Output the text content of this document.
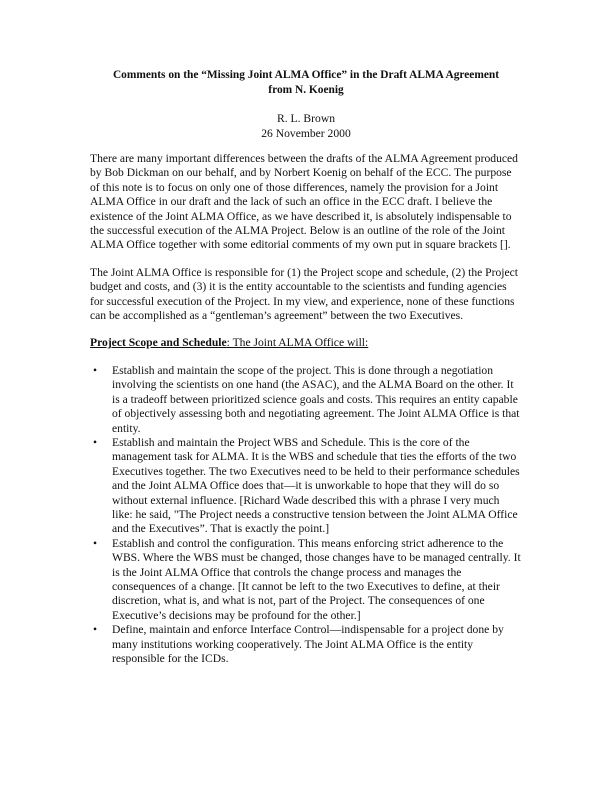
Comments on the “Missing Joint ALMA Office” in the Draft ALMA Agreement
from N. Koenig
R. L. Brown
26 November 2000

There are many important differences between the drafts of the ALMA Agreement produced by Bob Dickman on our behalf, and by Norbert Koenig on behalf of the ECC. The purpose of this note is to focus on only one of those differences, namely the provision for a Joint ALMA Office in our draft and the lack of such an office in the ECC draft. I believe the existence of the Joint ALMA Office, as we have described it, is absolutely indispensable to the successful execution of the ALMA Project. Below is an outline of the role of the Joint ALMA Office together with some editorial comments of my own put in square brackets [].

The Joint ALMA Office is responsible for (1) the Project scope and schedule, (2) the Project budget and costs, and (3) it is the entity accountable to the scientists and funding agencies for successful execution of the Project. In my view, and experience, none of these functions can be accomplished as a “gentleman’s agreement” between the two Executives.

Project Scope and Schedule: The Joint ALMA Office will:
• Establish and maintain the scope of the project. This is done through a negotiation involving the scientists on one hand (the ASAC), and the ALMA Board on the other. It is a tradeoff between prioritized science goals and costs. This requires an entity capable of objectively assessing both and negotiating agreement. The Joint ALMA Office is that entity.
• Establish and maintain the Project WBS and Schedule. This is the core of the management task for ALMA. It is the WBS and schedule that ties the efforts of the two Executives together. The two Executives need to be held to their performance schedules and the Joint ALMA Office does that—it is unworkable to hope that they will do so without external influence. [Richard Wade described this with a phrase I very much like: he said, "The Project needs a constructive tension between the Joint ALMA Office and the Executives”. That is exactly the point.]
• Establish and control the configuration. This means enforcing strict adherence to the WBS. Where the WBS must be changed, those changes have to be managed centrally. It is the Joint ALMA Office that controls the change process and manages the consequences of a change. [It cannot be left to the two Executives to define, at their discretion, what is, and what is not, part of the Project. The consequences of one Executive’s decisions may be profound for the other.]
• Define, maintain and enforce Interface Control—indispensable for a project done by many institutions working cooperatively. The Joint ALMA Office is the entity responsible for the ICDs.
